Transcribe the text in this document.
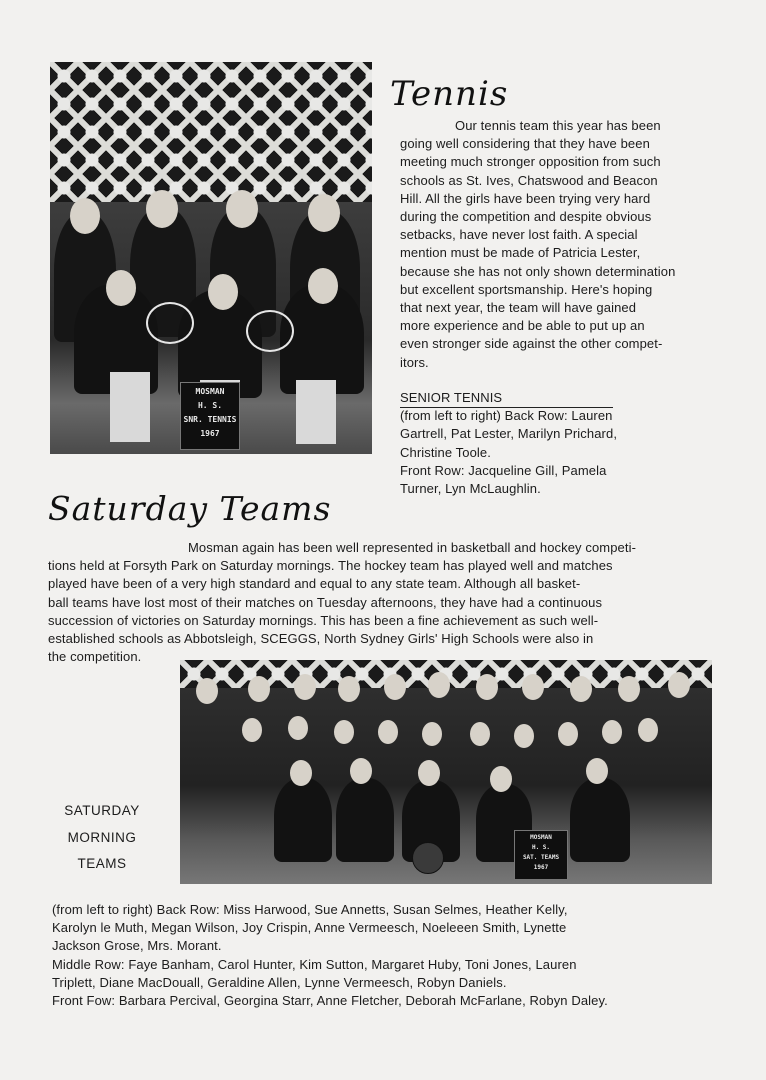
MOSMAN
H. S.
SNR. TENNIS
1967
Tennis

Our tennis team this year has been

going well considering that they have been

meeting much stronger opposition from such

schools as St. Ives, Chatswood and Beacon

Hill. All the girls have been trying very hard

during the competition and despite obvious

setbacks, have never lost faith. A special

mention must be made of Patricia Lester,

because she has not only shown determination

but excellent sportsmanship. Here's hoping

that next year, the team will have gained

more experience and be able to put up an

even stronger side against the other compet-

itors.

SENIOR TENNIS

(from left to right) Back Row: Lauren

Gartrell, Pat Lester, Marilyn Prichard,

Christine Toole.

Front Row: Jacqueline Gill, Pamela

Turner, Lyn McLaughlin.

Saturday Teams

Mosman again has been well represented in basketball and hockey competi-

tions held at Forsyth Park on Saturday mornings. The hockey team has played well and matches

played have been of a very high standard and equal to any state team. Although all basket-

ball teams have lost most of their matches on Tuesday afternoons, they have had a continuous

succession of victories on Saturday mornings. This has been a fine achievement as such well-

established schools as Abbotsleigh, SCEGGS, North Sydney Girls' High Schools were also in

the competition.

MOSMAN
H. S.
SAT. TEAMS
1967
SATURDAY
MORNING
TEAMS

(from left to right) Back Row: Miss Harwood, Sue Annetts, Susan Selmes, Heather Kelly,

Karolyn le Muth, Megan Wilson, Joy Crispin, Anne Vermeesch, Noeleeen Smith, Lynette

Jackson Grose, Mrs. Morant.

Middle Row: Faye Banham, Carol Hunter, Kim Sutton, Margaret Huby, Toni Jones, Lauren

Triplett, Diane MacDouall, Geraldine Allen, Lynne Vermeesch, Robyn Daniels.

Front Fow: Barbara Percival, Georgina Starr, Anne Fletcher, Deborah McFarlane, Robyn Daley.
